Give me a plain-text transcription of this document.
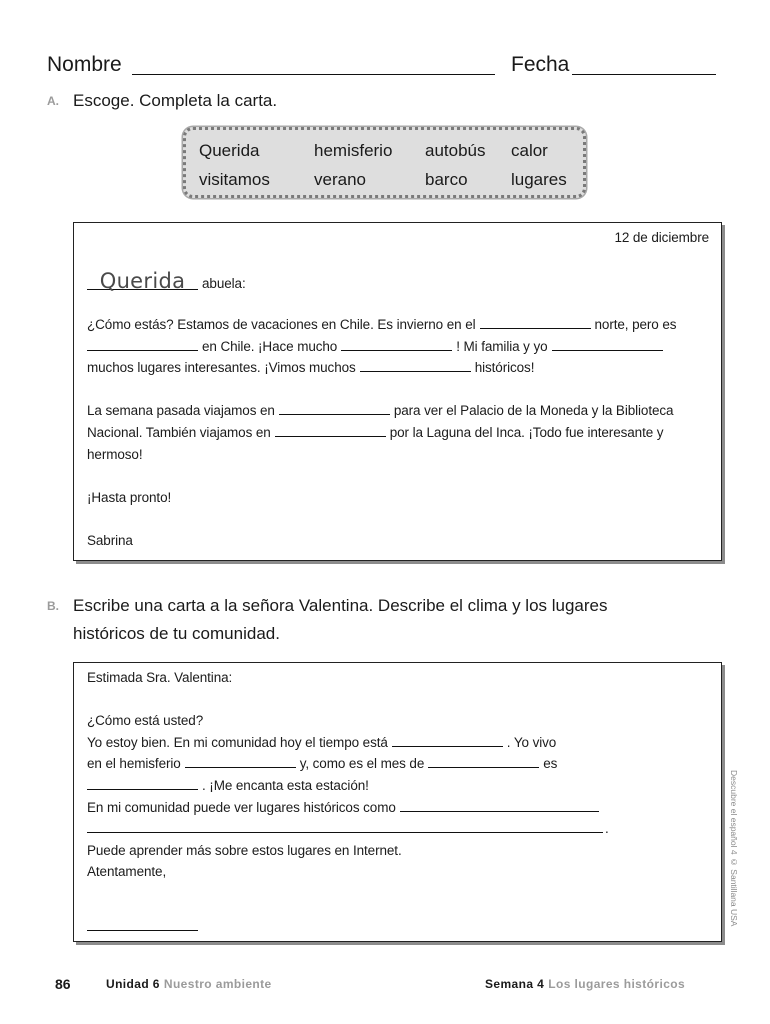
Nombre	Fecha
A. Escoge. Completa la carta.
Querida	hemisferio	autobús	calor
visitamos	verano	barco	lugares
12 de diciembre
Querida	abuela:
¿Cómo estás? Estamos de vacaciones en Chile. Es invierno en el	norte, pero es
en Chile. ¡Hace mucho	! Mi familia y yo
muchos lugares interesantes. ¡Vimos muchos	históricos!
La semana pasada viajamos en	para ver el Palacio de la Moneda y la Biblioteca
Nacional. También viajamos en	por la Laguna del Inca. ¡Todo fue interesante y
hermoso!
¡Hasta pronto!
Sabrina
B. Escribe una carta a la señora Valentina. Describe el clima y los lugares
históricos de tu comunidad.
Estimada Sra. Valentina:
¿Cómo está usted?
Yo estoy bien. En mi comunidad hoy el tiempo está	. Yo vivo
en el hemisferio	y, como es el mes de	es
. ¡Me encanta esta estación!
En mi comunidad puede ver lugares históricos como
.
Puede aprender más sobre estos lugares en Internet.
Atentamente,	Descubre el español 4 © Santillana USA
86	Unidad 6 Nuestro ambiente	Semana 4 Los lugares históricos
